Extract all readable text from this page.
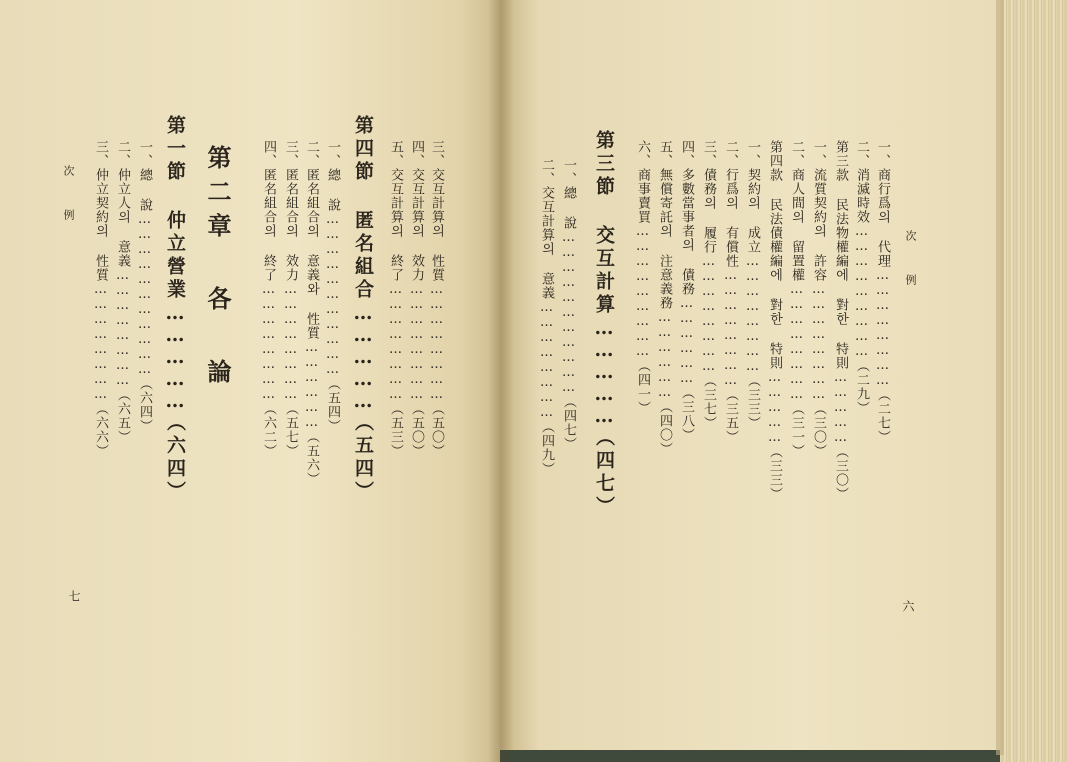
次 例
七
三、交互計算의 性質……………………（五〇）
四、交互計算의 效力……………………（五〇）
五、交互計算의 終了……………………（五三）
第四節 匿名組合……………（五四）
一、總 說……………………………（五四）
二、匿名組合의 意義와 性質………………（五六）
三、匿名組合의 效力……………………（五七）
四、匿名組合의 終了……………………（六二）
第二章 各 論
第一節 仲立營業……………（六四）
一、總 說……………………………（六四）
二、仲立人의 意義……………………（六五）
三、仲立契約의 性質……………………（六六）
次 例
六
一、商行爲의 代理……………………（二七）
二、消滅時效………………………（二九）
第三款 民法物權編에 對한 特則……………（三〇）
一、流質契約의 許容……………………（三〇）
二、商人間의 留置權……………………（三一）
第四款 民法債權編에 對한 特則……………（三三）
一、契約의 成立……………………（三三）
二、行爲의 有償性……………………（三五）
三、債務의 履行……………………（三七）
四、多數當事者의 債務………………（三八）
五、無償寄託의 注意義務………………（四〇）
六、商事賣買………………………（四一）
第三節 交互計算……………（四七）
一、總 說……………………………（四七）
二、交互計算의 意義……………………（四九）
